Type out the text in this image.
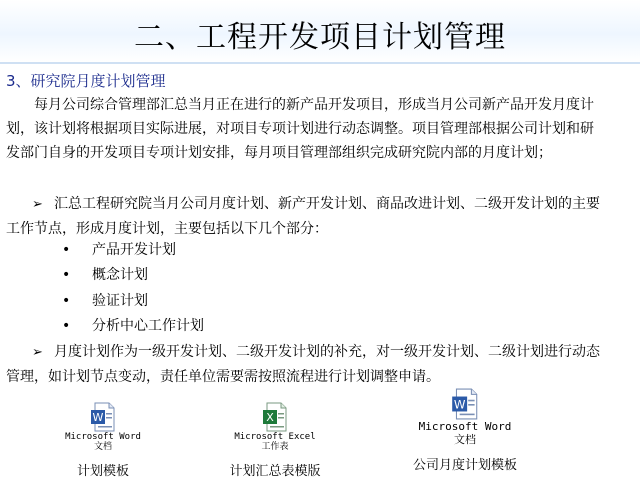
二、工程开发项目计划管理
3、研究院月度计划管理

每月公司综合管理部汇总当月正在进行的新产品开发项目，形成当月公司新产品开发月度计划，该计划将根据项目实际进展，对项目专项计划进行动态调整。项目管理部根据公司计划和研发部门自身的开发项目专项计划安排，每月项目管理部组织完成研究院内部的月度计划；

➢ 汇总工程研究院当月公司月度计划、新产开发计划、商品改进计划、二级开发计划的主要工作节点，形成月度计划，主要包括以下几个部分：
• 产品开发计划
• 概念计划
• 验证计划
• 分析中心工作计划
➢ 月度计划作为一级开发计划、二级开发计划的补充，对一级开发计划、二级计划进行动态管理，如计划节点变动，责任单位需要需按照流程进行计划调整申请。
W
Microsoft Word
文档
计划模板
X
Microsoft Excel
工作表
计划汇总表模版
W
Microsoft Word
文档
公司月度计划模板
